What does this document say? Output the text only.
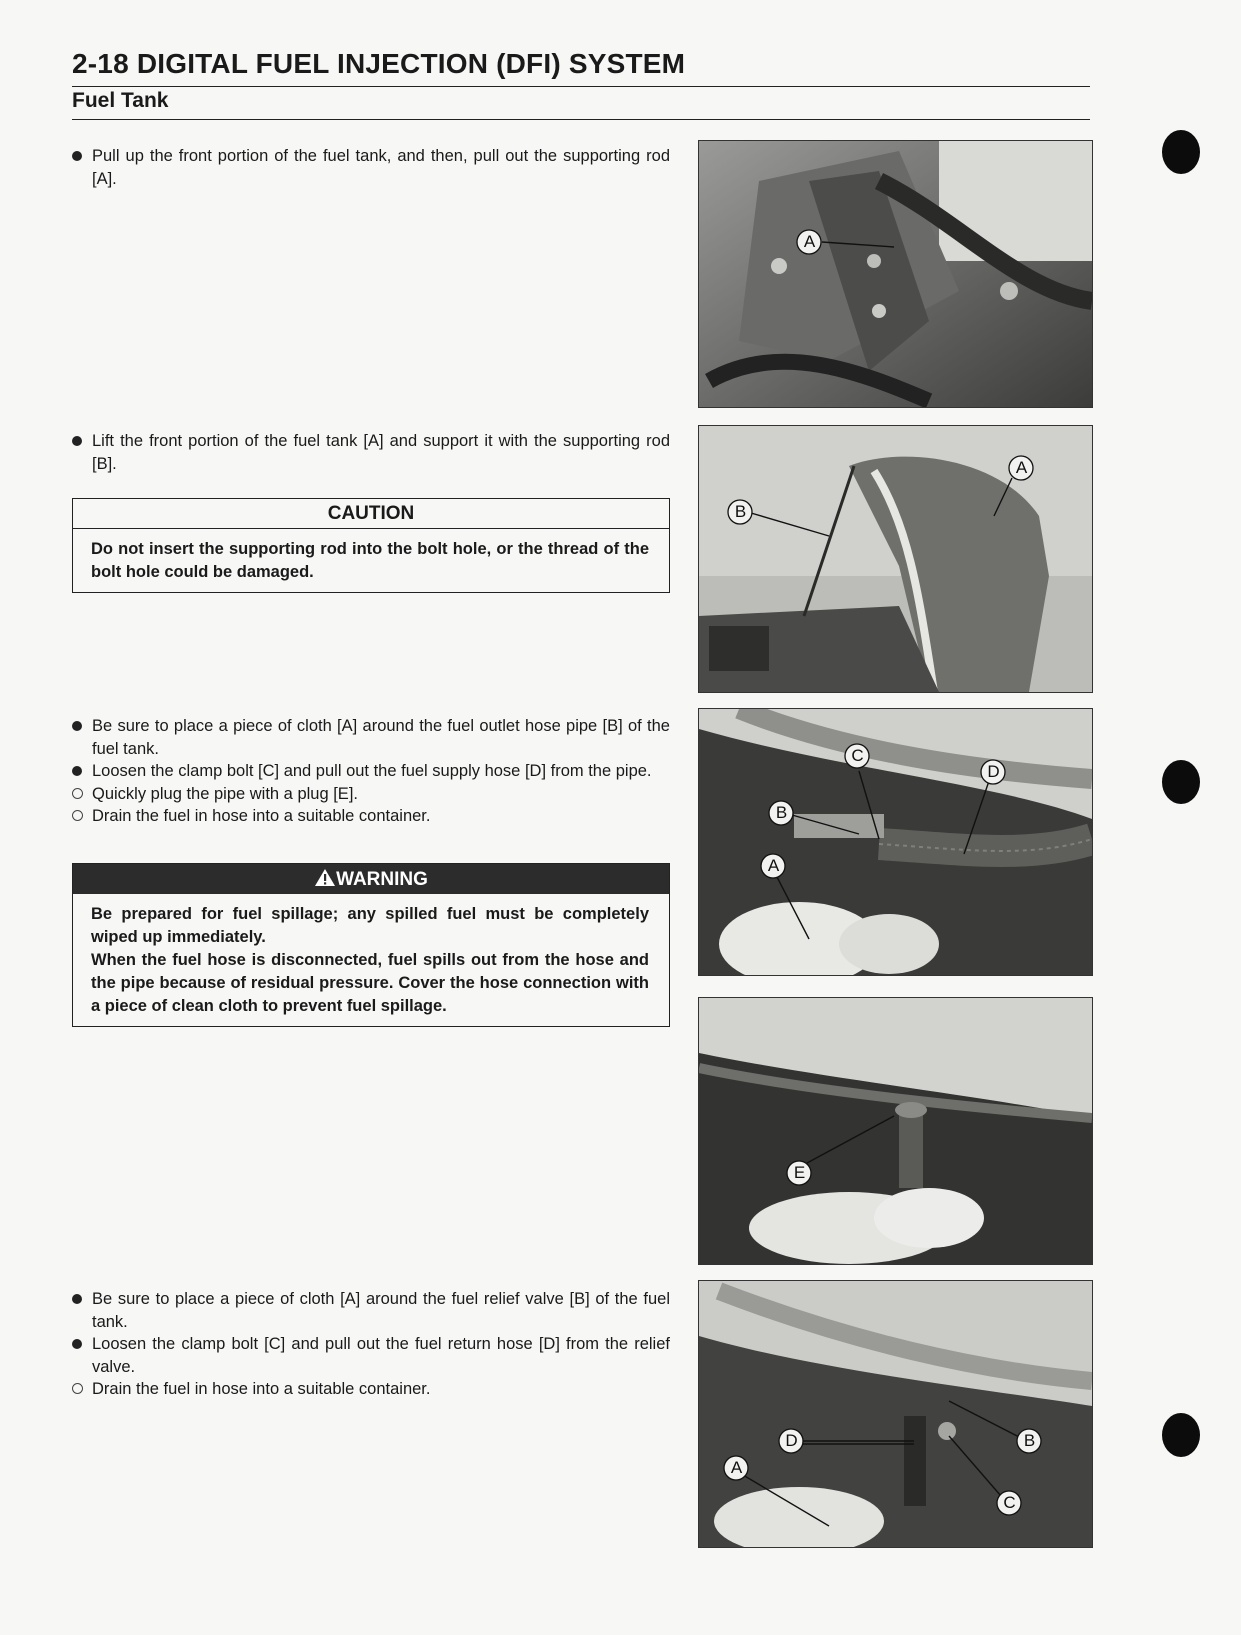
2-18 DIGITAL FUEL INJECTION (DFI) SYSTEM
Fuel Tank
Pull up the front portion of the fuel tank, and then, pull out the supporting rod [A].
Lift the front portion of the fuel tank [A] and support it with the supporting rod [B].
CAUTION
Do not insert the supporting rod into the bolt hole, or the thread of the bolt hole could be damaged.
Be sure to place a piece of cloth [A] around the fuel outlet hose pipe [B] of the fuel tank.
Loosen the clamp bolt [C] and pull out the fuel supply hose [D] from the pipe.
Quickly plug the pipe with a plug [E].
Drain the fuel in hose into a suitable container.
WARNING
Be prepared for fuel spillage; any spilled fuel must be completely wiped up immediately.
When the fuel hose is disconnected, fuel spills out from the hose and the pipe because of residual pressure. Cover the hose connection with a piece of clean cloth to prevent fuel spillage.
Be sure to place a piece of cloth [A] around the fuel relief valve [B] of the fuel tank.
Loosen the clamp bolt [C] and pull out the fuel return hose [D] from the relief valve.
Drain the fuel in hose into a suitable container.
A
B
A
C
D
B
A
E
D	B
C
A
